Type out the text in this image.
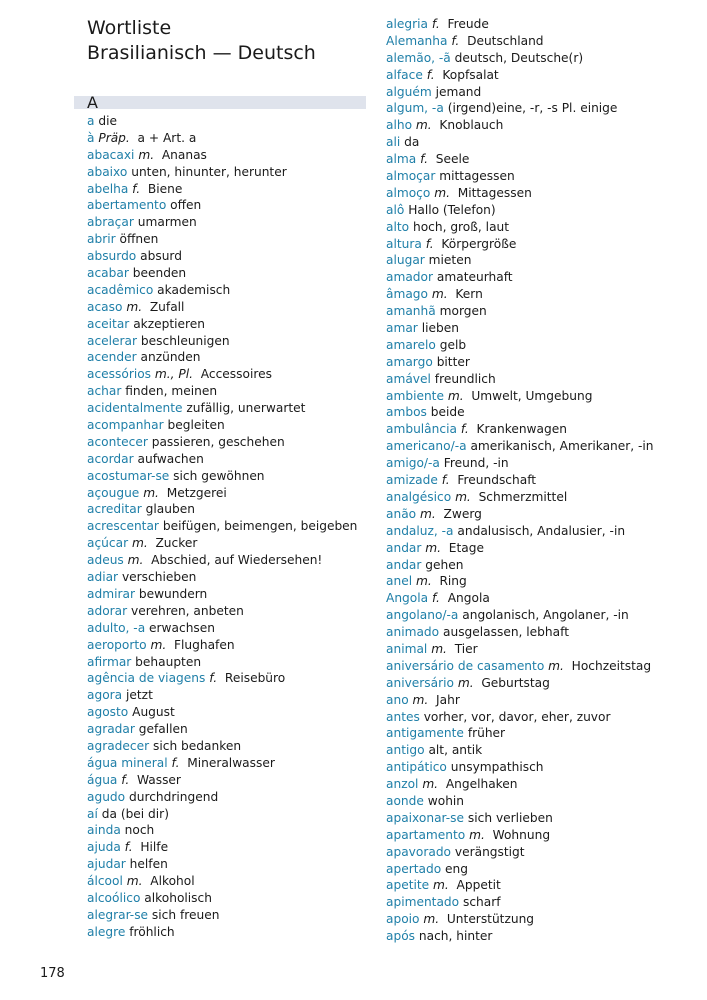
Wortliste
Brasilianisch — Deutsch
A
a die
à Präp. a + Art. a
abacaxi m. Ananas
abaixo unten, hinunter, herunter
abelha f. Biene
abertamento offen
abraçar umarmen
abrir öffnen
absurdo absurd
acabar beenden
acadêmico akademisch
acaso m. Zufall
aceitar akzeptieren
acelerar beschleunigen
acender anzünden
acessórios m., Pl. Accessoires
achar finden, meinen
acidentalmente zufällig, unerwartet
acompanhar begleiten
acontecer passieren, geschehen
acordar aufwachen
acostumar-se sich gewöhnen
açougue m. Metzgerei
acreditar glauben
acrescentar beifügen, beimengen, beigeben
açúcar m. Zucker
adeus m. Abschied, auf Wiedersehen!
adiar verschieben
admirar bewundern
adorar verehren, anbeten
adulto, -a erwachsen
aeroporto m. Flughafen
afirmar behaupten
agência de viagens f. Reisebüro
agora jetzt
agosto August
agradar gefallen
agradecer sich bedanken
água mineral f. Mineralwasser
água f. Wasser
agudo durchdringend
aí da (bei dir)
ainda noch
ajuda f. Hilfe
ajudar helfen
álcool m. Alkohol
alcoólico alkoholisch
alegrar-se sich freuen
alegre fröhlich
alegria f. Freude
Alemanha f. Deutschland
alemão, -ã deutsch, Deutsche(r)
alface f. Kopfsalat
alguém jemand
algum, -a (irgend)eine, -r, -s Pl. einige
alho m. Knoblauch
ali da
alma f. Seele
almoçar mittagessen
almoço m. Mittagessen
alô Hallo (Telefon)
alto hoch, groß, laut
altura f. Körpergröße
alugar mieten
amador amateurhaft
âmago m. Kern
amanhã morgen
amar lieben
amarelo gelb
amargo bitter
amável freundlich
ambiente m. Umwelt, Umgebung
ambos beide
ambulância f. Krankenwagen
americano/-a amerikanisch, Amerikaner, -in
amigo/-a Freund, -in
amizade f. Freundschaft
analgésico m. Schmerzmittel
anão m. Zwerg
andaluz, -a andalusisch, Andalusier, -in
andar m. Etage
andar gehen
anel m. Ring
Angola f. Angola
angolano/-a angolanisch, Angolaner, -in
animado ausgelassen, lebhaft
animal m. Tier
aniversário de casamento m. Hochzeitstag
aniversário m. Geburtstag
ano m. Jahr
antes vorher, vor, davor, eher, zuvor
antigamente früher
antigo alt, antik
antipático unsympathisch
anzol m. Angelhaken
aonde wohin
apaixonar-se sich verlieben
apartamento m. Wohnung
apavorado verängstigt
apertado eng
apetite m. Appetit
apimentado scharf
apoio m. Unterstützung
após nach, hinter
178
